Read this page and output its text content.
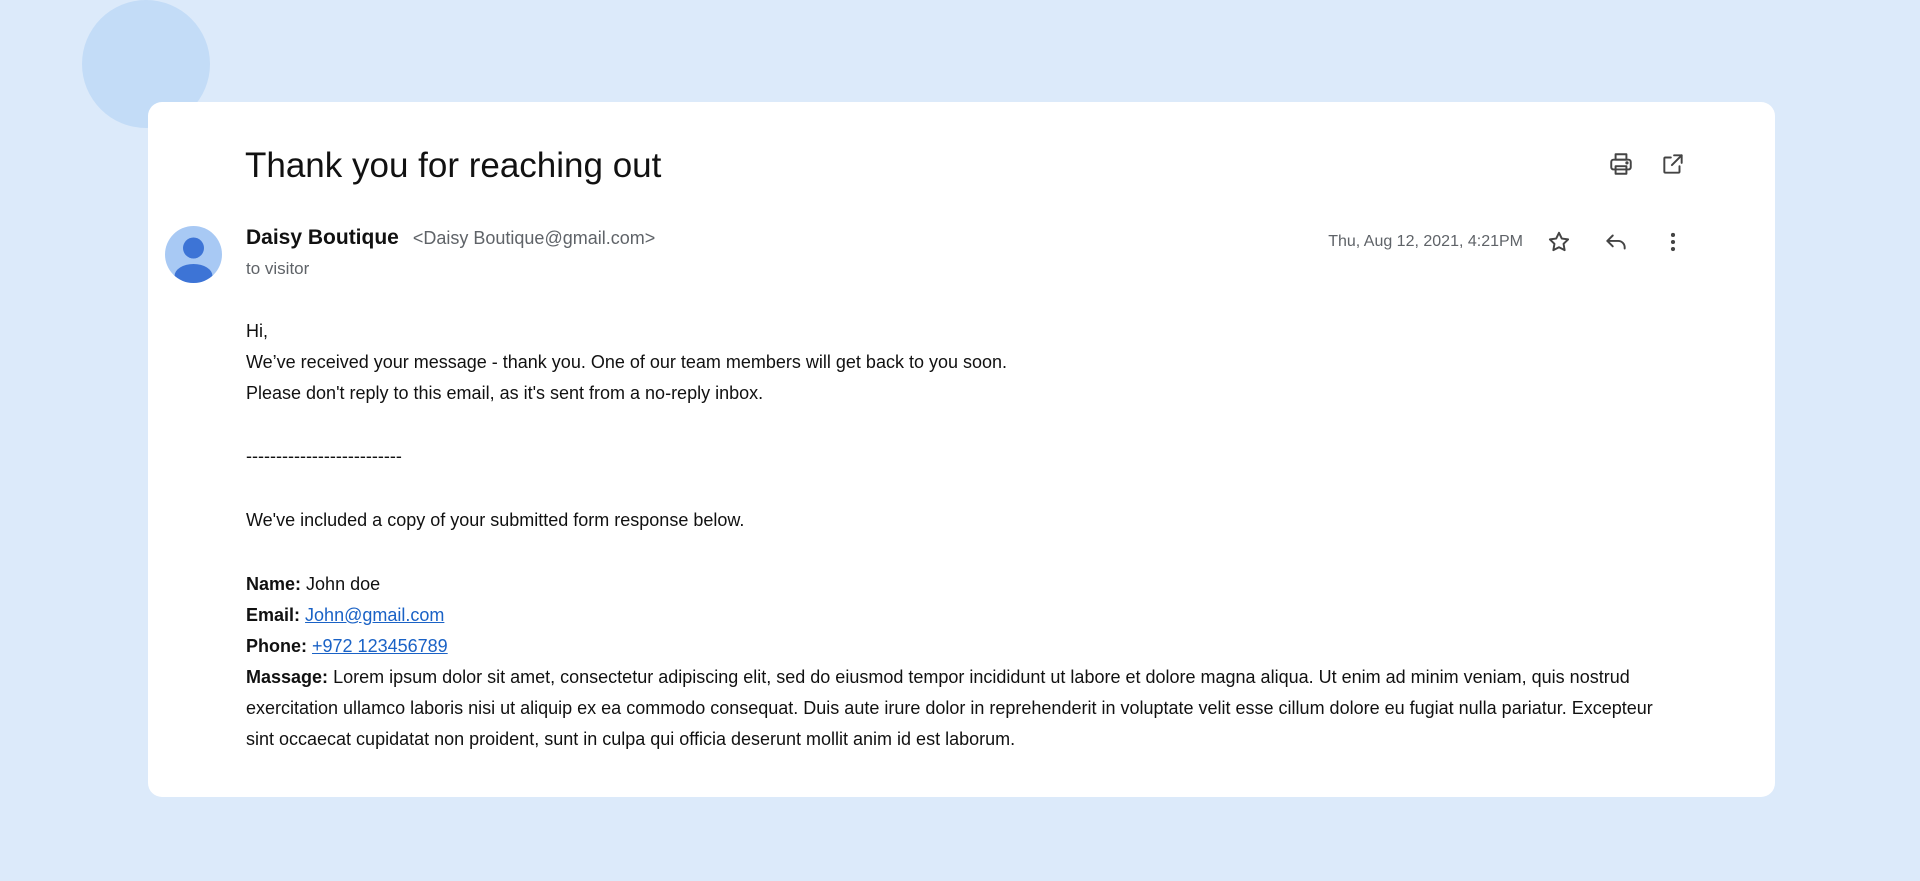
Thank you for reaching out
Daisy Boutique <Daisy Boutique@gmail.com>
to visitor
Thu, Aug 12, 2021, 4:21PM

Hi,

We’ve received your message - thank you. One of our team members will get back to you soon.

Please don't reply to this email, as it's sent from a no-reply inbox.

--------------------------

We've included a copy of your submitted form response below.

Name: John doe

Email: John@gmail.com

Phone: +972 123456789

Massage: Lorem ipsum dolor sit amet, consectetur adipiscing elit, sed do eiusmod tempor incididunt ut labore et dolore magna aliqua. Ut enim ad minim veniam, quis nostrud exercitation ullamco laboris nisi ut aliquip ex ea commodo consequat. Duis aute irure dolor in reprehenderit in voluptate velit esse cillum dolore eu fugiat nulla pariatur. Excepteur sint occaecat cupidatat non proident, sunt in culpa qui officia deserunt mollit anim id est laborum.
